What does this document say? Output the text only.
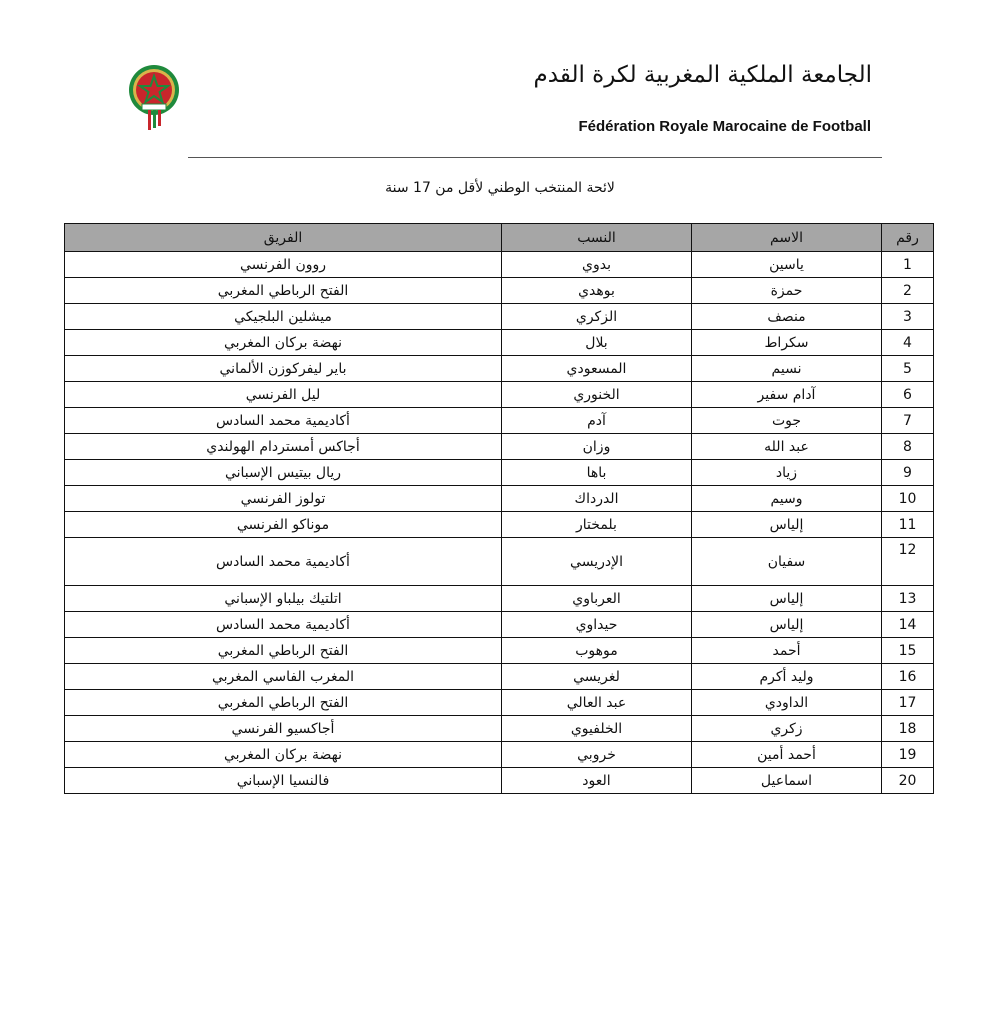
الجامعة الملكية المغربية لكرة القدم
Fédération Royale Marocaine de Football
لائحة المنتخب الوطني لأقل من 17 سنة
رقم	الاسم	النسب	الفريق
1	ياسين	بدوي	روون الفرنسي
2	حمزة	بوهدي	الفتح الرباطي المغربي
3	منصف	الزكري	ميشلين البلجيكي
4	سكراط	بلال	نهضة بركان المغربي
5	نسيم	المسعودي	باير ليفركوزن الألماني
6	آدام سفير	الخنوري	ليل الفرنسي
7	جوت	آدم	أكاديمية محمد السادس
8	عبد الله	وزان	أجاكس أمستردام الهولندي
9	زياد	باها	ريال بيتيس الإسباني
10	وسيم	الدرداك	تولوز الفرنسي
11	إلياس	بلمختار	موناكو الفرنسي
12	سفيان	الإدريسي	أكاديمية محمد السادس
13	إلياس	العرباوي	اتلتيك بيلباو الإسباني
14	إلياس	حيداوي	أكاديمية محمد السادس
15	أحمد	موهوب	الفتح الرباطي المغربي
16	وليد أكرم	لغريسي	المغرب الفاسي المغربي
17	الداودي	عبد العالي	الفتح الرباطي المغربي
18	زكري	الخلفيوي	أجاكسيو الفرنسي
19	أحمد أمين	خروبي	نهضة بركان المغربي
20	اسماعيل	العود	فالنسيا الإسباني
